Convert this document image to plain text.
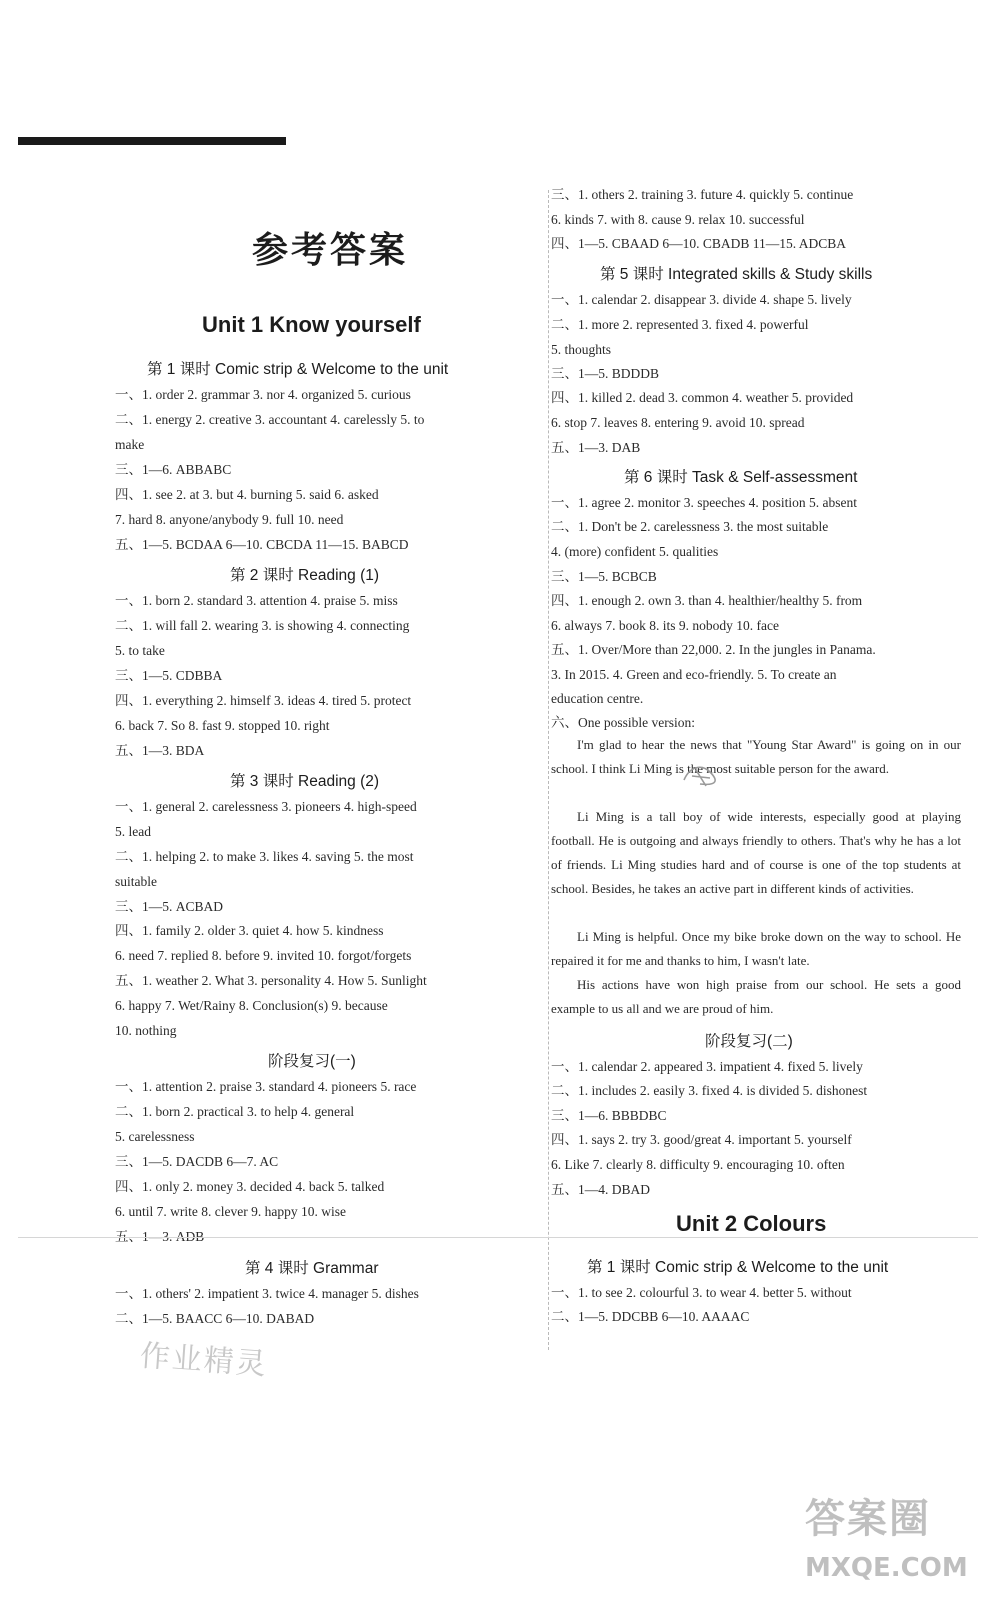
参考答案
Unit 1 Know yourself
第 1 课时 Comic strip & Welcome to the unit
一、1. order 2. grammar 3. nor 4. organized 5. curious
二、1. energy 2. creative 3. accountant 4. carelessly 5. to
make
三、1—6. ABBABC
四、1. see 2. at 3. but 4. burning 5. said 6. asked
7. hard 8. anyone/anybody 9. full 10. need
五、1—5. BCDAA 6—10. CBCDA 11—15. BABCD
第 2 课时 Reading (1)
一、1. born 2. standard 3. attention 4. praise 5. miss
二、1. will fall 2. wearing 3. is showing 4. connecting
5. to take
三、1—5. CDBBA
四、1. everything 2. himself 3. ideas 4. tired 5. protect
6. back 7. So 8. fast 9. stopped 10. right
五、1—3. BDA
第 3 课时 Reading (2)
一、1. general 2. carelessness 3. pioneers 4. high-speed
5. lead
二、1. helping 2. to make 3. likes 4. saving 5. the most
suitable
三、1—5. ACBAD
四、1. family 2. older 3. quiet 4. how 5. kindness
6. need 7. replied 8. before 9. invited 10. forgot/forgets
五、1. weather 2. What 3. personality 4. How 5. Sunlight
6. happy 7. Wet/Rainy 8. Conclusion(s) 9. because
10. nothing
阶段复习(一)
一、1. attention 2. praise 3. standard 4. pioneers 5. race
二、1. born 2. practical 3. to help 4. general
5. carelessness
三、1—5. DACDB 6—7. AC
四、1. only 2. money 3. decided 4. back 5. talked
6. until 7. write 8. clever 9. happy 10. wise
五、1—3. ADB
第 4 课时 Grammar
一、1. others' 2. impatient 3. twice 4. manager 5. dishes
二、1—5. BAACC 6—10. DABAD
三、1. others 2. training 3. future 4. quickly 5. continue
6. kinds 7. with 8. cause 9. relax 10. successful
四、1—5. CBAAD 6—10. CBADB 11—15. ADCBA
第 5 课时 Integrated skills & Study skills
一、1. calendar 2. disappear 3. divide 4. shape 5. lively
二、1. more 2. represented 3. fixed 4. powerful
5. thoughts
三、1—5. BDDDB
四、1. killed 2. dead 3. common 4. weather 5. provided
6. stop 7. leaves 8. entering 9. avoid 10. spread
五、1—3. DAB
第 6 课时 Task & Self-assessment
一、1. agree 2. monitor 3. speeches 4. position 5. absent
二、1. Don't be 2. carelessness 3. the most suitable
4. (more) confident 5. qualities
三、1—5. BCBCB
四、1. enough 2. own 3. than 4. healthier/healthy 5. from
6. always 7. book 8. its 9. nobody 10. face
五、1. Over/More than 22,000. 2. In the jungles in Panama.
3. In 2015. 4. Green and eco-friendly. 5. To create an
education centre.
六、One possible version:
I'm glad to hear the news that "Young Star Award" is going on in our school. I think Li Ming is the most suitable person for the award.
Li Ming is a tall boy of wide interests, especially good at playing football. He is outgoing and always friendly to others. That's why he has a lot of friends. Li Ming studies hard and of course is one of the top students at school. Besides, he takes an active part in different kinds of activities.
Li Ming is helpful. Once my bike broke down on the way to school. He repaired it for me and thanks to him, I wasn't late.
His actions have won high praise from our school. He sets a good example to us all and we are proud of him.
阶段复习(二)
一、1. calendar 2. appeared 3. impatient 4. fixed 5. lively
二、1. includes 2. easily 3. fixed 4. is divided 5. dishonest
三、1—6. BBBDBC
四、1. says 2. try 3. good/great 4. important 5. yourself
6. Like 7. clearly 8. difficulty 9. encouraging 10. often
五、1—4. DBAD
Unit 2 Colours
第 1 课时 Comic strip & Welcome to the unit
一、1. to see 2. colourful 3. to wear 4. better 5. without
二、1—5. DDCBB 6—10. AAAAC
作业精灵
答案圈
MXQE.COM
